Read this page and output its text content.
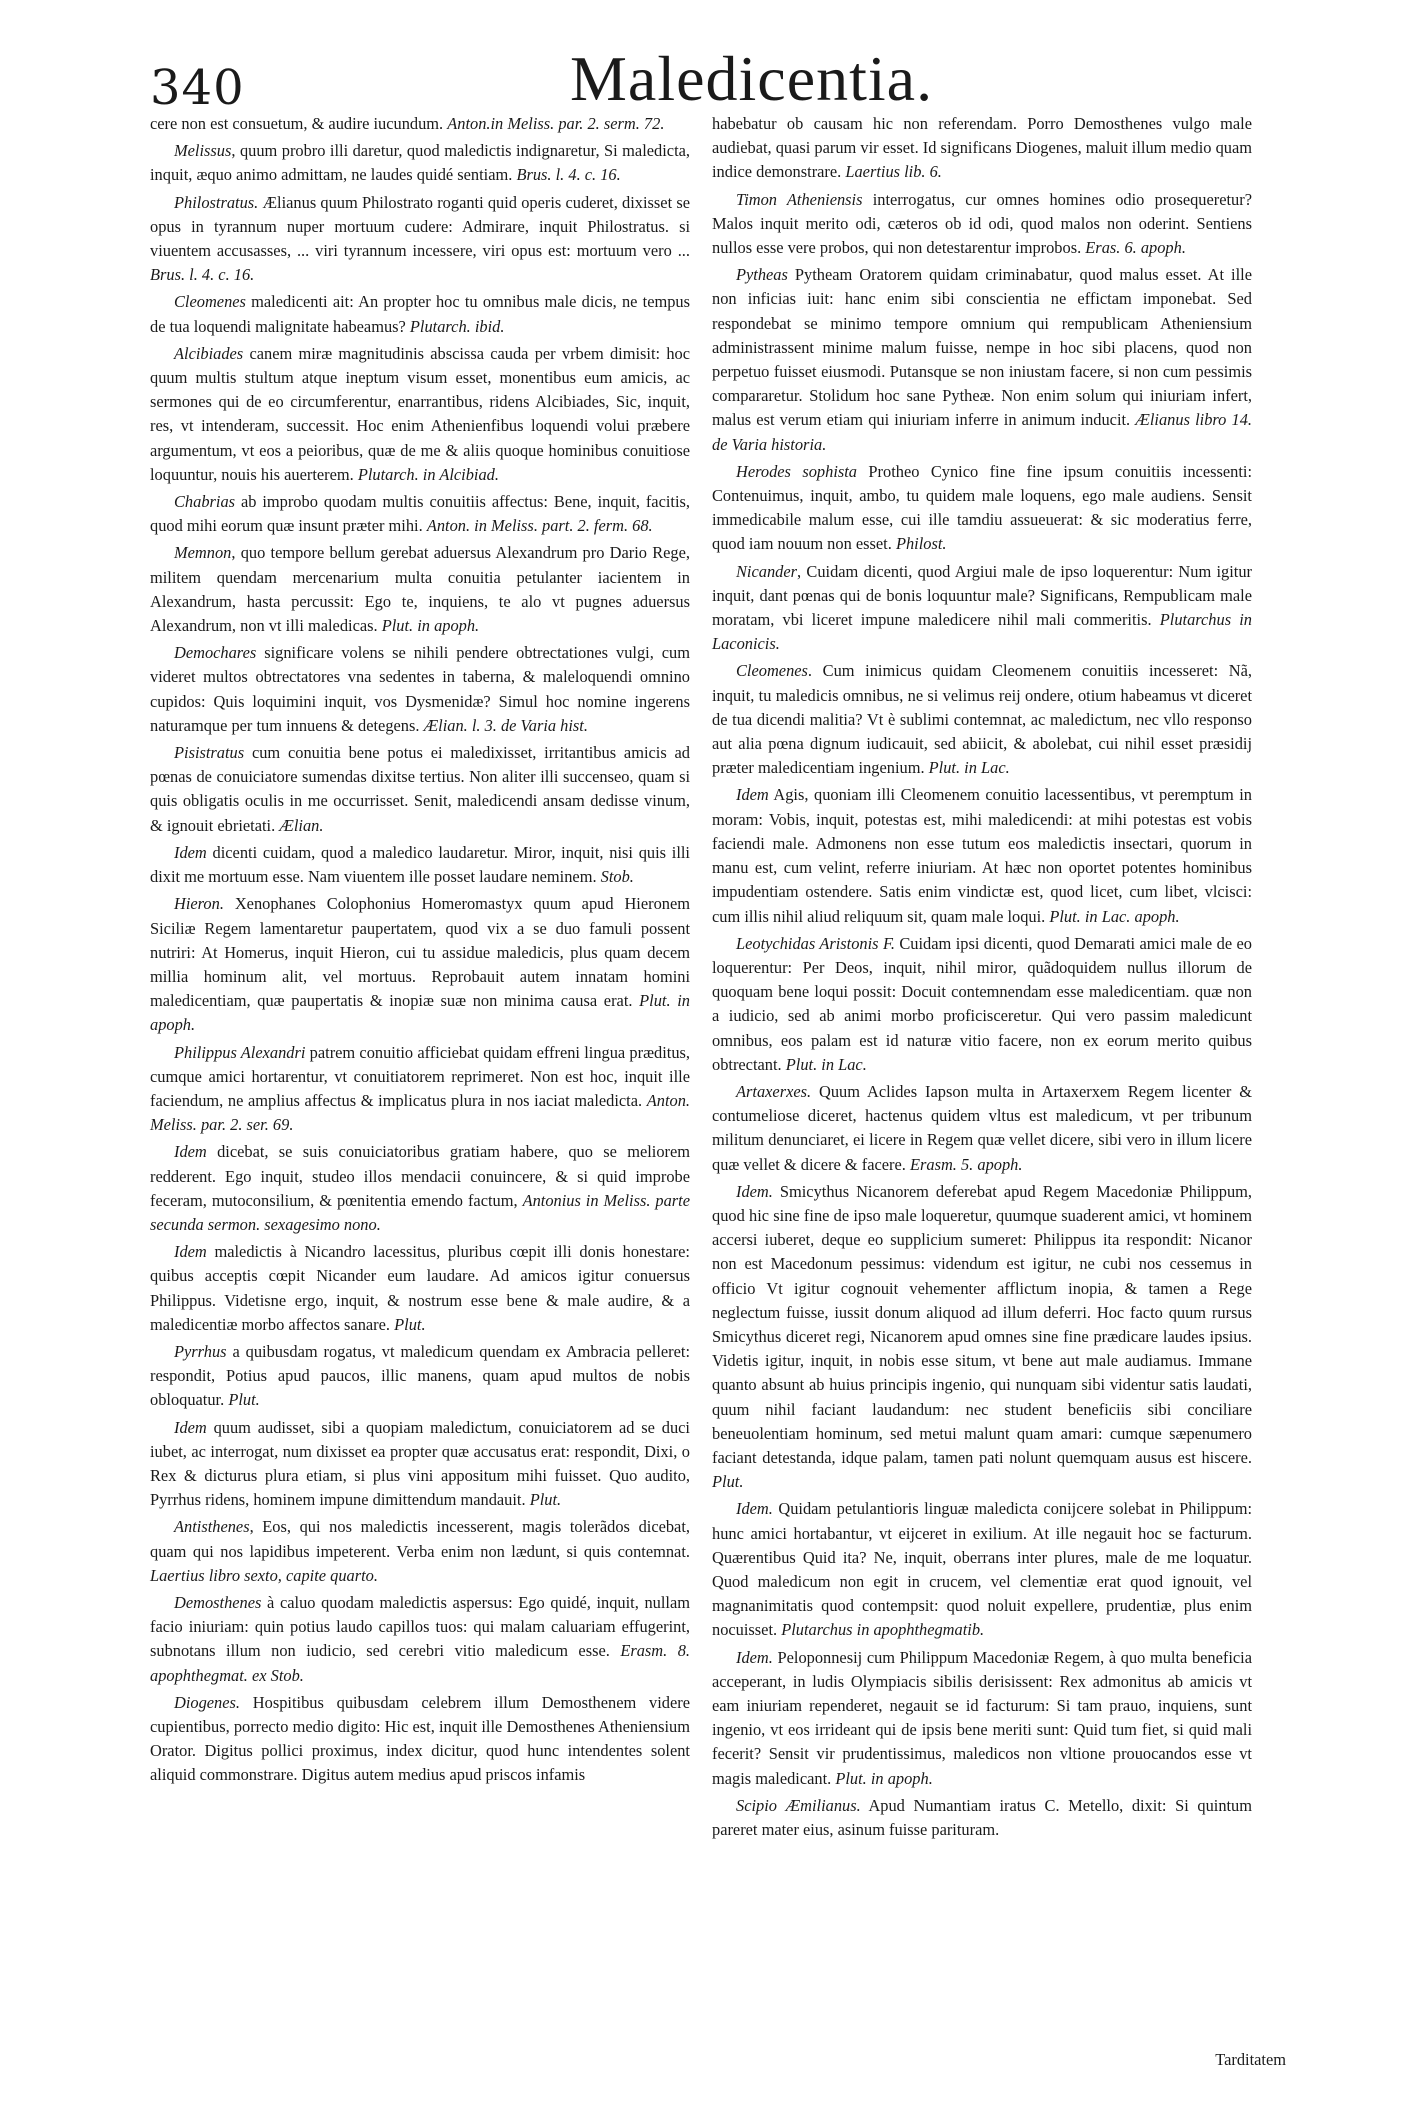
340	Maledicentia.

cere non est consuetum, & audire iucundum. Anton.in Meliss. par. 2. serm. 72.

Melissus, quum probro illi daretur, quod maledictis indignaretur, Si maledicta, inquit, æquo animo admittam, ne laudes quidé sentiam. Brus. l. 4. c. 16.

Philostratus. Ælianus quum Philostrato roganti quid operis cuderet, dixisset se opus in tyrannum nuper mortuum cudere: Admirare, inquit Philostratus. si viuentem accusasses, ... viri tyrannum incessere, viri opus est: mortuum vero ... Brus. l. 4. c. 16.

Cleomenes maledicenti ait: An propter hoc tu omnibus male dicis, ne tempus de tua loquendi malignitate habeamus? Plutarch. ibid.

Alcibiades canem miræ magnitudinis abscissa cauda per vrbem dimisit: hoc quum multis stultum atque ineptum visum esset, monentibus eum amicis, ac sermones qui de eo circumferentur, enarrantibus, ridens Alcibiades, Sic, inquit, res, vt intenderam, successit. Hoc enim Athenienfibus loquendi volui præbere argumentum, vt eos a peioribus, quæ de me & aliis quoque hominibus conuitiose loquuntur, nouis his auerterem. Plutarch. in Alcibiad.

Chabrias ab improbo quodam multis conuitiis affectus: Bene, inquit, facitis, quod mihi eorum quæ insunt præter mihi. Anton. in Meliss. part. 2. ferm. 68.

Memnon, quo tempore bellum gerebat aduersus Alexandrum pro Dario Rege, militem quendam mercenarium multa conuitia petulanter iacientem in Alexandrum, hasta percussit: Ego te, inquiens, te alo vt pugnes aduersus Alexandrum, non vt illi maledicas. Plut. in apoph.

Demochares significare volens se nihili pendere obtrectationes vulgi, cum videret multos obtrectatores vna sedentes in taberna, & maleloquendi omnino cupidos: Quis loquimini inquit, vos Dysmenidæ? Simul hoc nomine ingerens naturamque per tum innuens & detegens. Ælian. l. 3. de Varia hist.

Pisistratus cum conuitia bene potus ei maledixisset, irritantibus amicis ad pœnas de conuiciatore sumendas dixitse tertius. Non aliter illi succenseo, quam si quis obligatis oculis in me occurrisset. Senit, maledicendi ansam dedisse vinum, & ignouit ebrietati. Ælian.

Idem dicenti cuidam, quod a maledico laudaretur. Miror, inquit, nisi quis illi dixit me mortuum esse. Nam viuentem ille posset laudare neminem. Stob.

Hieron. Xenophanes Colophonius Homeromastyx quum apud Hieronem Siciliæ Regem lamentaretur paupertatem, quod vix a se duo famuli possent nutriri: At Homerus, inquit Hieron, cui tu assidue maledicis, plus quam decem millia hominum alit, vel mortuus. Reprobauit autem innatam homini maledicentiam, quæ paupertatis & inopiæ suæ non minima causa erat. Plut. in apoph.

Philippus Alexandri patrem conuitio afficiebat quidam effreni lingua præditus, cumque amici hortarentur, vt conuitiatorem reprimeret. Non est hoc, inquit ille faciendum, ne amplius affectus & implicatus plura in nos iaciat maledicta. Anton. Meliss. par. 2. ser. 69.

Idem dicebat, se suis conuiciatoribus gratiam habere, quo se meliorem redderent. Ego inquit, studeo illos mendacii conuincere, & si quid improbe feceram, mutoconsilium, & pœnitentia emendo factum, Antonius in Meliss. parte secunda sermon. sexagesimo nono.

Idem maledictis à Nicandro lacessitus, pluribus cœpit illi donis honestare: quibus acceptis cœpit Nicander eum laudare. Ad amicos igitur conuersus Philippus. Videtisne ergo, inquit, & nostrum esse bene & male audire, & a maledicentiæ morbo affectos sanare. Plut.

Pyrrhus a quibusdam rogatus, vt maledicum quendam ex Ambracia pelleret: respondit, Potius apud paucos, illic manens, quam apud multos de nobis obloquatur. Plut.

Idem quum audisset, sibi a quopiam maledictum, conuiciatorem ad se duci iubet, ac interrogat, num dixisset ea propter quæ accusatus erat: respondit, Dixi, o Rex & dicturus plura etiam, si plus vini appositum mihi fuisset. Quo audito, Pyrrhus ridens, hominem impune dimittendum mandauit. Plut.

Antisthenes, Eos, qui nos maledictis incesserent, magis tolerãdos dicebat, quam qui nos lapidibus impeterent. Verba enim non lædunt, si quis contemnat. Laertius libro sexto, capite quarto.

Demosthenes à caluo quodam maledictis aspersus: Ego quidé, inquit, nullam facio iniuriam: quin potius laudo capillos tuos: qui malam caluariam effugerint, subnotans illum non iudicio, sed cerebri vitio maledicum esse. Erasm. 8. apophthegmat. ex Stob.

Diogenes. Hospitibus quibusdam celebrem illum Demosthenem videre cupientibus, porrecto medio digito: Hic est, inquit ille Demosthenes Atheniensium Orator. Digitus pollici proximus, index dicitur, quod hunc intendentes solent aliquid commonstrare. Digitus autem medius apud priscos infamis

habebatur ob causam hic non referendam. Porro Demosthenes vulgo male audiebat, quasi parum vir esset. Id significans Diogenes, maluit illum medio quam indice demonstrare. Laertius lib. 6.

Timon Atheniensis interrogatus, cur omnes homines odio prosequeretur? Malos inquit merito odi, cæteros ob id odi, quod malos non oderint. Sentiens nullos esse vere probos, qui non detestarentur improbos. Eras. 6. apoph.

Pytheas Pytheam Oratorem quidam criminabatur, quod malus esset. At ille non inficias iuit: hanc enim sibi conscientia ne effictam imponebat. Sed respondebat se minimo tempore omnium qui rempublicam Atheniensium administrassent minime malum fuisse, nempe in hoc sibi placens, quod non perpetuo fuisset eiusmodi. Putansque se non iniustam facere, si non cum pessimis compararetur. Stolidum hoc sane Pytheæ. Non enim solum qui iniuriam infert, malus est verum etiam qui iniuriam inferre in animum inducit. Ælianus libro 14. de Varia historia.

Herodes sophista Protheo Cynico fine fine ipsum conuitiis incessenti: Contenuimus, inquit, ambo, tu quidem male loquens, ego male audiens. Sensit immedicabile malum esse, cui ille tamdiu assueuerat: & sic moderatius ferre, quod iam nouum non esset. Philost.

Nicander, Cuidam dicenti, quod Argiui male de ipso loquerentur: Num igitur inquit, dant pœnas qui de bonis loquuntur male? Significans, Rempublicam male moratam, vbi liceret impune maledicere nihil mali commeritis. Plutarchus in Laconicis.

Cleomenes. Cum inimicus quidam Cleomenem conuitiis incesseret: Nã, inquit, tu maledicis omnibus, ne si velimus reij ondere, otium habeamus vt diceret de tua dicendi malitia? Vt è sublimi contemnat, ac maledictum, nec vllo responso aut alia pœna dignum iudicauit, sed abiicit, & abolebat, cui nihil esset præsidij præter maledicentiam ingenium. Plut. in Lac.

Idem Agis, quoniam illi Cleomenem conuitio lacessentibus, vt peremptum in moram: Vobis, inquit, potestas est, mihi maledicendi: at mihi potestas est vobis faciendi male. Admonens non esse tutum eos maledictis insectari, quorum in manu est, cum velint, referre iniuriam. At hæc non oportet potentes hominibus impudentiam ostendere. Satis enim vindictæ est, quod licet, cum libet, vlcisci: cum illis nihil aliud reliquum sit, quam male loqui. Plut. in Lac. apoph.

Leotychidas Aristonis F. Cuidam ipsi dicenti, quod Demarati amici male de eo loquerentur: Per Deos, inquit, nihil miror, quãdoquidem nullus illorum de quoquam bene loqui possit: Docuit contemnendam esse maledicentiam. quæ non a iudicio, sed ab animi morbo proficisceretur. Qui vero passim maledicunt omnibus, eos palam est id naturæ vitio facere, non ex eorum merito quibus obtrectant. Plut. in Lac.

Artaxerxes. Quum Aclides Iapson multa in Artaxerxem Regem licenter & contumeliose diceret, hactenus quidem vltus est maledicum, vt per tribunum militum denunciaret, ei licere in Regem quæ vellet dicere, sibi vero in illum licere quæ vellet & dicere & facere. Erasm. 5. apoph.

Idem. Smicythus Nicanorem deferebat apud Regem Macedoniæ Philippum, quod hic sine fine de ipso male loqueretur, quumque suaderent amici, vt hominem accersi iuberet, deque eo supplicium sumeret: Philippus ita respondit: Nicanor non est Macedonum pessimus: videndum est igitur, ne cubi nos cessemus in officio Vt igitur cognouit vehementer afflictum inopia, & tamen a Rege neglectum fuisse, iussit donum aliquod ad illum deferri. Hoc facto quum rursus Smicythus diceret regi, Nicanorem apud omnes sine fine prædicare laudes ipsius. Videtis igitur, inquit, in nobis esse situm, vt bene aut male audiamus. Immane quanto absunt ab huius principis ingenio, qui nunquam sibi videntur satis laudati, quum nihil faciant laudandum: nec student beneficiis sibi conciliare beneuolentiam hominum, sed metui malunt quam amari: cumque sæpenumero faciant detestanda, idque palam, tamen pati nolunt quemquam ausus est hiscere. Plut.

Idem. Quidam petulantioris linguæ maledicta conijcere solebat in Philippum: hunc amici hortabantur, vt eijceret in exilium. At ille negauit hoc se facturum. Quærentibus Quid ita? Ne, inquit, oberrans inter plures, male de me loquatur. Quod maledicum non egit in crucem, vel clementiæ erat quod ignouit, vel magnanimitatis quod contempsit: quod noluit expellere, prudentiæ, plus enim nocuisset. Plutarchus in apophthegmatib.

Idem. Peloponnesij cum Philippum Macedoniæ Regem, à quo multa beneficia acceperant, in ludis Olympiacis sibilis derisissent: Rex admonitus ab amicis vt eam iniuriam rependeret, negauit se id facturum: Si tam prauo, inquiens, sunt ingenio, vt eos irrideant qui de ipsis bene meriti sunt: Quid tum fiet, si quid mali fecerit? Sensit vir prudentissimus, maledicos non vltione prouocandos esse vt magis maledicant. Plut. in apoph.

Scipio Æmilianus. Apud Numantiam iratus C. Metello, dixit: Si quintum pareret mater eius, asinum fuisse parituram.

Tarditatem
